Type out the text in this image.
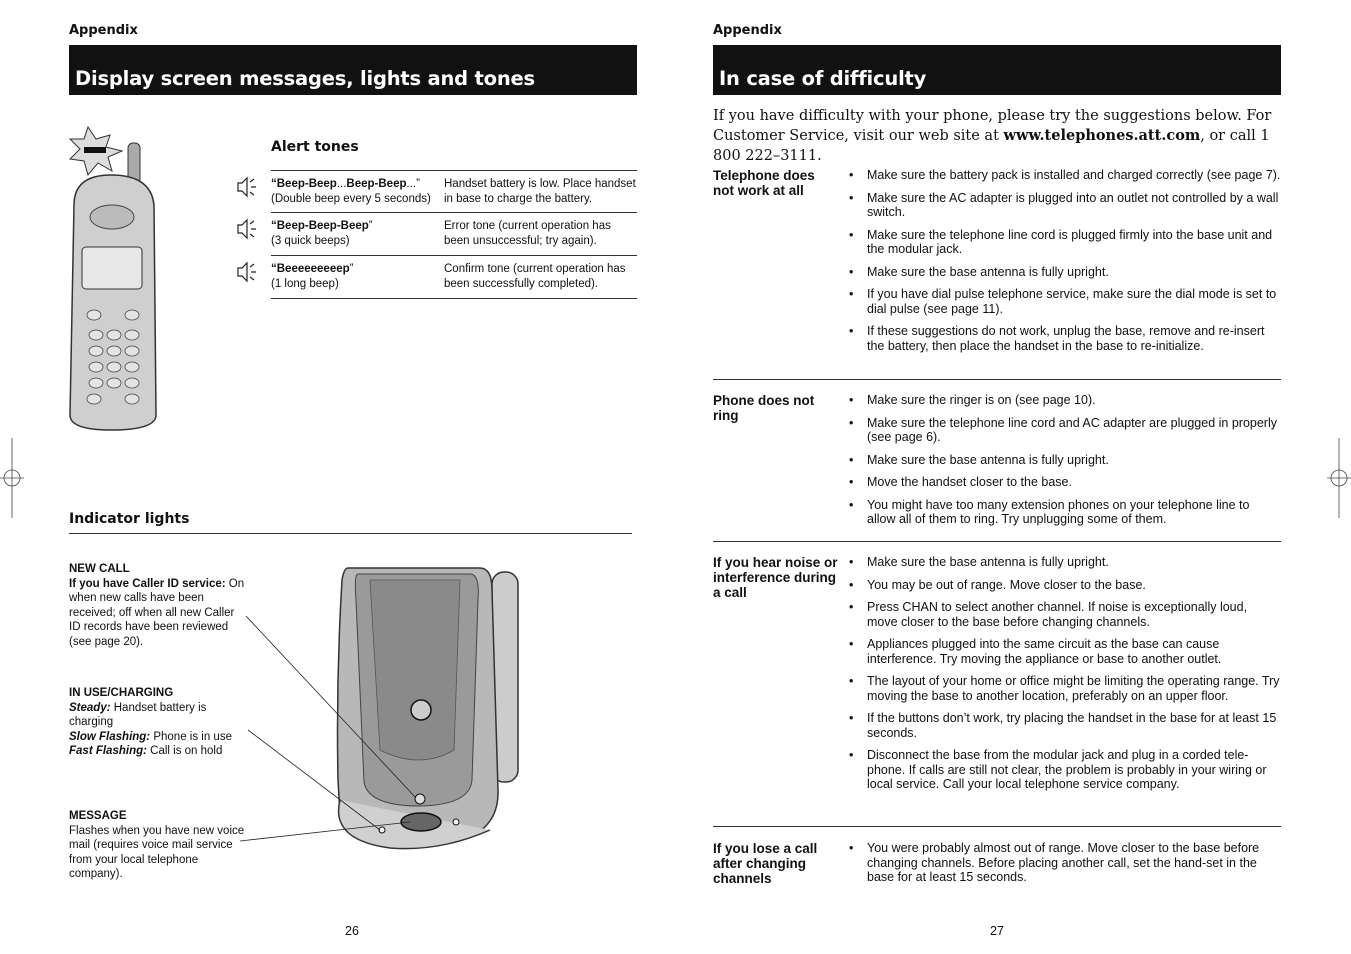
Appendix
Display screen messages, lights and tones
Alert tones
“Beep-Beep...Beep-Beep...”
(Double beep every 5 seconds)
Handset battery is low. Place handset in base to charge the battery.
“Beep-Beep-Beep”
(3 quick beeps)
Error tone (current operation has been unsuccessful; try again).
“Beeeeeeeeep”
(1 long beep)
Confirm tone (current operation has been successfully completed).
Indicator lights
NEW CALL
If you have Caller ID service: On when new calls have been received; off when all new Caller ID records have been reviewed (see page 20).
IN USE/CHARGING
Steady: Handset battery is charging
Slow Flashing: Phone is in use
Fast Flashing: Call is on hold
MESSAGE
Flashes when you have new voice mail (requires voice mail service from your local telephone company).
26
Appendix
In case of difficulty
If you have difficulty with your phone, please try the suggestions below. For Customer Service, visit our web site at www.telephones.att.com, or call 1 800 222–3111.
Telephone does not work at all
• Make sure the battery pack is installed and charged correctly (see page 7).
• Make sure the AC adapter is plugged into an outlet not controlled by a wall switch.
• Make sure the telephone line cord is plugged firmly into the base unit and the modular jack.
• Make sure the base antenna is fully upright.
• If you have dial pulse telephone service, make sure the dial mode is set to dial pulse (see page 11).
• If these suggestions do not work, unplug the base, remove and re-insert the battery, then place the handset in the base to re-initialize.
Phone does not ring
• Make sure the ringer is on (see page 10).
• Make sure the telephone line cord and AC adapter are plugged in properly (see page 6).
• Make sure the base antenna is fully upright.
• Move the handset closer to the base.
• You might have too many extension phones on your telephone line to allow all of them to ring. Try unplugging some of them.
If you hear noise or interference during a call
• Make sure the base antenna is fully upright.
• You may be out of range. Move closer to the base.
• Press CHAN to select another channel. If noise is exceptionally loud, move closer to the base before changing channels.
• Appliances plugged into the same circuit as the base can cause interference. Try moving the appliance or base to another outlet.
• The layout of your home or office might be limiting the operating range. Try moving the base to another location, preferably on an upper floor.
• If the buttons don’t work, try placing the handset in the base for at least 15 seconds.
• Disconnect the base from the modular jack and plug in a corded tele-phone. If calls are still not clear, the problem is probably in your wiring or local service. Call your local telephone service company.
If you lose a call after changing channels
• You were probably almost out of range. Move closer to the base before changing channels. Before placing another call, set the hand-set in the base for at least 15 seconds.
27
